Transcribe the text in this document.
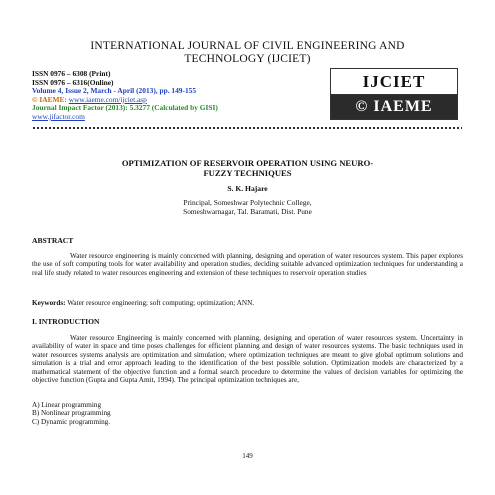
INTERNATIONAL JOURNAL OF CIVIL ENGINEERING AND
TECHNOLOGY (IJCIET)
ISSN 0976 – 6308 (Print)
ISSN 0976 – 6316(Online)
Volume 4, Issue 2, March - April (2013), pp. 149-155
© IAEME: www.iaeme.com/ijciet.asp
Journal Impact Factor (2013): 5.3277 (Calculated by GISI)
www.jifactor.com
IJCIET
© IAEME
OPTIMIZATION OF RESERVOIR OPERATION USING NEURO-
FUZZY TECHNIQUES
S. K. Hajare
Principal, Someshwar Polytechnic College,
Someshwarnagar, Tal. Baramati, Dist. Pune
ABSTRACT
Water resource engineering is mainly concerned with planning, designing and operation of water resources system. This paper explores the use of soft computing tools for water availability and operation studies, deciding suitable advanced optimization techniques for understanding a real life study related to water resources engineering and extension of these techniques to reservoir operation studies
Keywords: Water resource engineering; soft computing; optimization; ANN.
I. INTRODUCTION
Water resource Engineering is mainly concerned with planning, designing and operation of water resources system. Uncertainty in availability of water in space and time poses challenges for efficient planning and design of water resources systems. The basic techniques used in water resources systems analysis are optimization and simulation, where optimization techniques are meant to give global optimum solutions and simulation is a trial and error approach leading to the identification of the best possible solution. Optimization models are characterized by a mathematical statement of the objective function and a formal search procedure to determine the values of decision variables for optimizing the objective function (Gupta and Gupta Amit, 1994). The principal optimization techniques are,
A) Linear programming
B) Nonlinear programming
C) Dynamic programming.
149
